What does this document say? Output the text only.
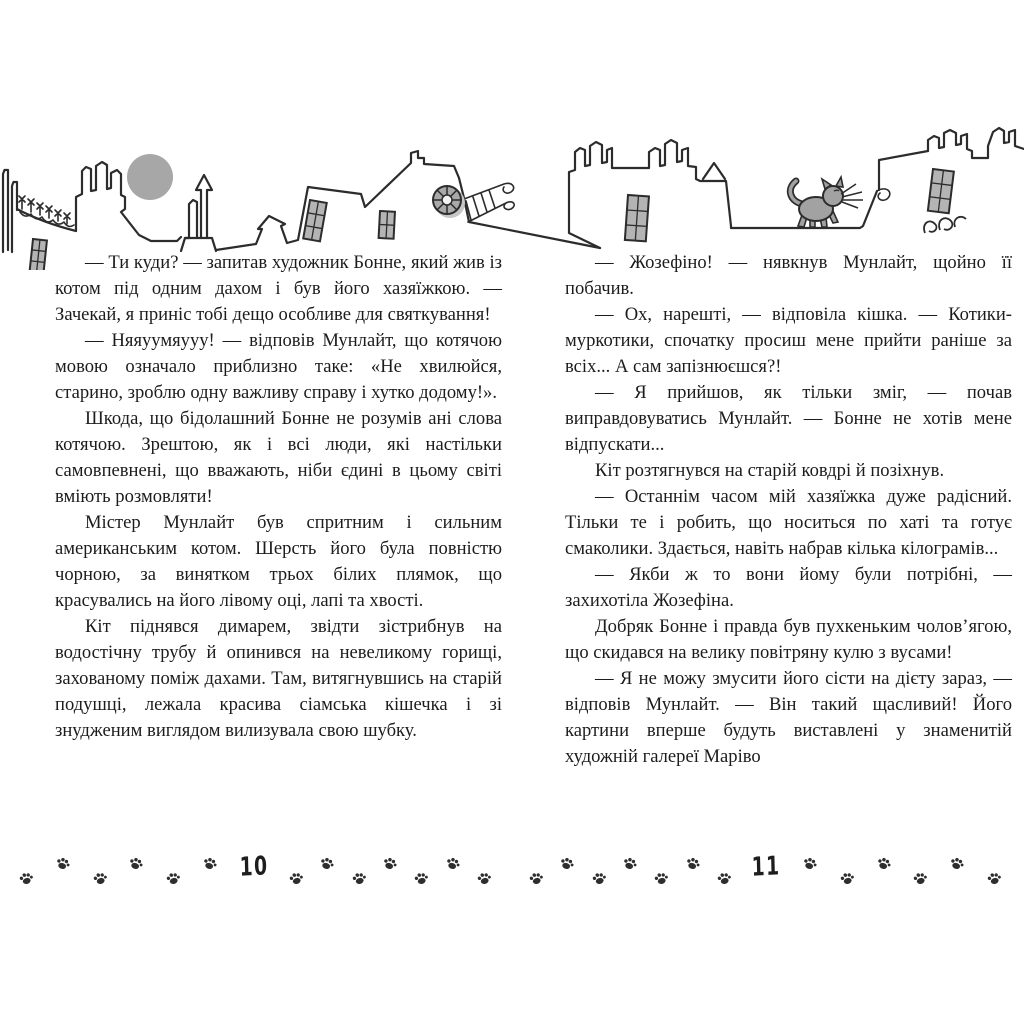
— Ти куди? — запитав художник Бонне, який жив із котом під одним дахом і був його хазяїжкою. — Зачекай, я приніс тобі дещо особливе для святкування!

— Няяуумяууу! — відповів Мунлайт, що котячою мовою означало приблизно таке: «Не хвилюйся, старино, зроблю одну важливу справу і хутко додому!».

Шкода, що бідолашний Бонне не розумів ані слова котячою. Зрештою, як і всі люди, які настільки самовпевнені, що вважають, ніби єдині в цьому світі вміють розмовляти!

Містер Мунлайт був спритним і сильним американським котом. Шерсть його була повністю чорною, за винятком трьох білих плямок, що красувались на його лівому оці, лапі та хвості.

Кіт піднявся димарем, звідти зістрибнув на водостічну трубу й опинився на невеликому горищі, захованому поміж дахами. Там, витягнувшись на старій подушці, лежала красива сіамська кішечка і зі знудженим виглядом вилизувала свою шубку.

— Жозефіно! — нявкнув Мунлайт, щойно її побачив.

— Ох, нарешті, — відповіла кішка. — Котики-муркотики, спочатку просиш мене прийти раніше за всіх... А сам запізнюєшся?!

— Я прийшов, як тільки зміг, — почав виправдовуватись Мунлайт. — Бонне не хотів мене відпускати...

Кіт розтягнувся на старій ковдрі й позіхнув.

— Останнім часом мій хазяїжка дуже радісний. Тільки те і робить, що носиться по хаті та готує смаколики. Здається, навіть набрав кілька кілограмів...

— Якби ж то вони йому були потрібні, — захихотіла Жозефіна.

Добряк Бонне і правда був пухкеньким чолов’ягою, що скидався на велику повітряну кулю з вусами!

— Я не можу змусити його сісти на дієту зараз, — відповів Мунлайт. — Він такий щасливий! Його картини вперше будуть виставлені у знаменитій художній галереї Маріво

10	11
